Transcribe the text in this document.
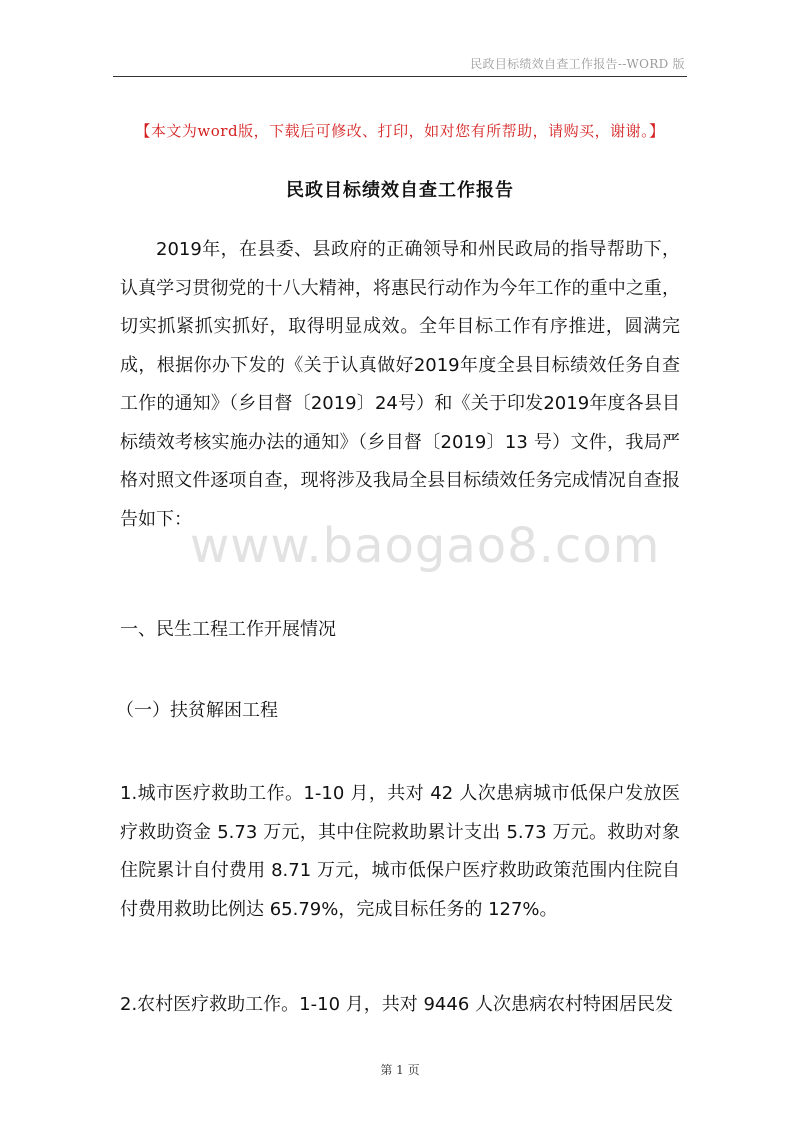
民政目标绩效自查工作报告--WORD 版
【本文为word版，下载后可修改、打印，如对您有所帮助，请购买，谢谢。】
民政目标绩效自查工作报告
www.baogao8.com
2019年，在县委、县政府的正确领导和州民政局的指导帮助下，认真学习贯彻党的十八大精神，将惠民行动作为今年工作的重中之重，切实抓紧抓实抓好，取得明显成效。全年目标工作有序推进，圆满完成，根据你办下发的《关于认真做好2019年度全县目标绩效任务自查工作的通知》（乡目督〔2019〕24号）和《关于印发2019年度各县目标绩效考核实施办法的通知》（乡目督〔2019〕13 号）文件，我局严格对照文件逐项自查，现将涉及我局全县目标绩效任务完成情况自查报告如下：
一、民生工程工作开展情况
（一）扶贫解困工程
1.城市医疗救助工作。1-10 月，共对 42 人次患病城市低保户发放医疗救助资金 5.73 万元，其中住院救助累计支出 5.73 万元。救助对象住院累计自付费用 8.71 万元，城市低保户医疗救助政策范围内住院自付费用救助比例达 65.79%，完成目标任务的 127%。
2.农村医疗救助工作。1-10 月，共对 9446 人次患病农村特困居民发
第 1 页
